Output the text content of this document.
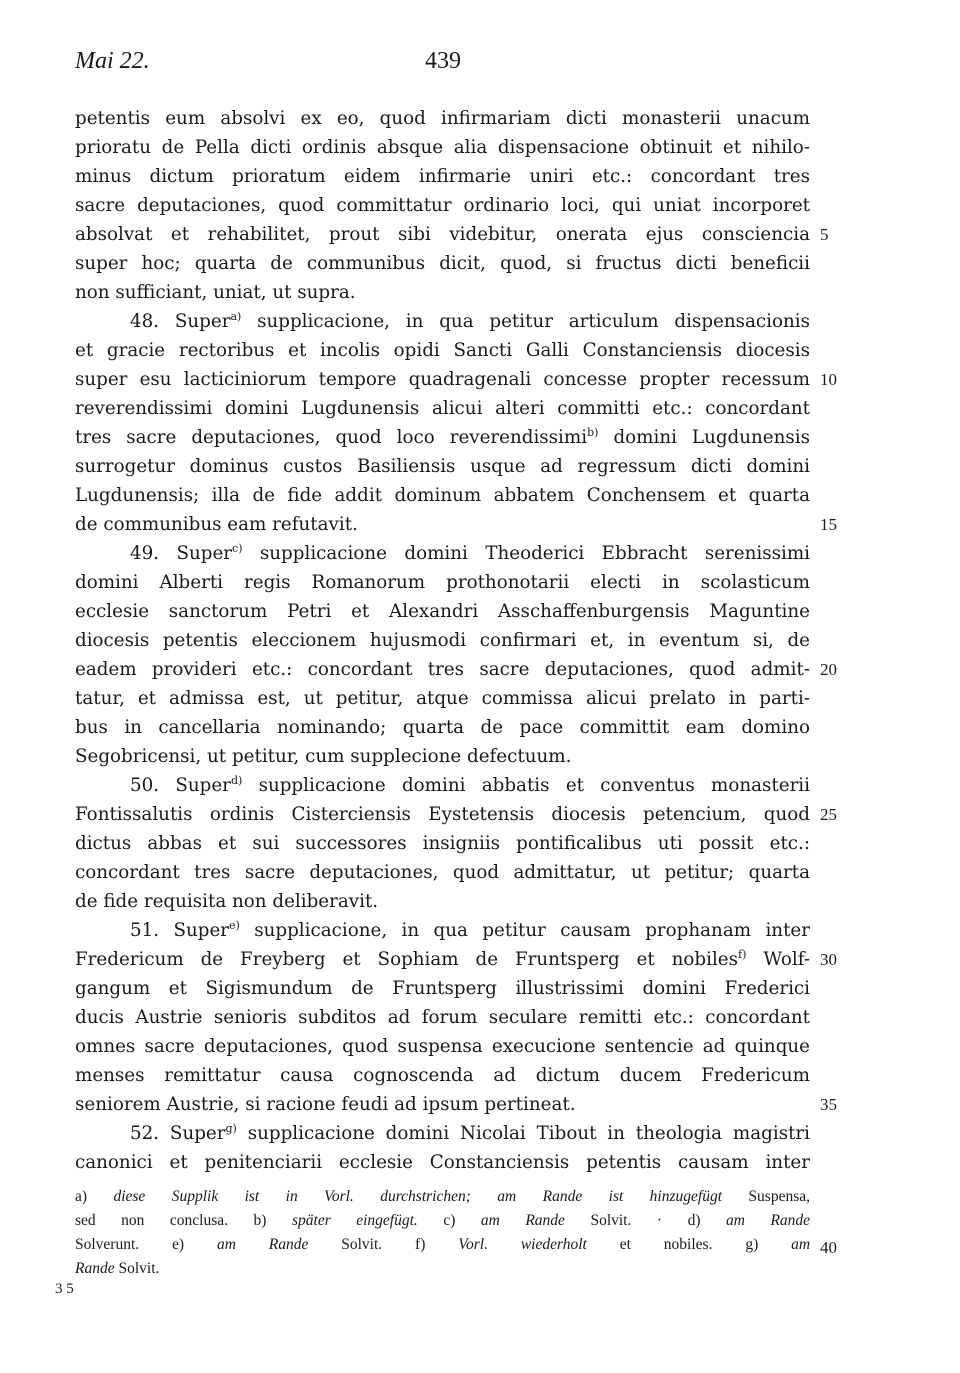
Mai 22.	439
petentis eum absolvi ex eo, quod infirmariam dicti monasterii unacum
prioratu de Pella dicti ordinis absque alia dispensacione obtinuit et nihilo-
minus dictum prioratum eidem infirmarie uniri etc.: concordant tres
sacre deputaciones, quod committatur ordinario loci, qui uniat incorporet
absolvat et rehabilitet, prout sibi videbitur, onerata ejus consciencia
super hoc; quarta de communibus dicit, quod, si fructus dicti beneficii
non sufficiant, uniat, ut supra.
48. Super$^{a)}$ supplicacione, in qua petitur articulum dispensacionis
et gracie rectoribus et incolis opidi Sancti Galli Constanciensis diocesis
super esu lacticiniorum tempore quadragenali concesse propter recessum
reverendissimi domini Lugdunensis alicui alteri committi etc.: concordant
tres sacre deputaciones, quod loco reverendissimi$^{b)}$ domini Lugdunensis
surrogetur dominus custos Basiliensis usque ad regressum dicti domini
Lugdunensis; illa de fide addit dominum abbatem Conchensem et quarta
de communibus eam refutavit.
49. Super$^{c)}$ supplicacione domini Theoderici Ebbracht serenissimi
domini Alberti regis Romanorum prothonotarii electi in scolasticum
ecclesie sanctorum Petri et Alexandri Asschaffenburgensis Maguntine
diocesis petentis eleccionem hujusmodi confirmari et, in eventum si, de
eadem provideri etc.: concordant tres sacre deputaciones, quod admit-
tatur, et admissa est, ut petitur, atque commissa alicui prelato in parti-
bus in cancellaria nominando; quarta de pace committit eam domino
Segobricensi, ut petitur, cum supplecione defectuum.
50. Super$^{d)}$ supplicacione domini abbatis et conventus monasterii
Fontissalutis ordinis Cisterciensis Eystetensis diocesis petencium, quod
dictus abbas et sui successores insigniis pontificalibus uti possit etc.:
concordant tres sacre deputaciones, quod admittatur, ut petitur; quarta
de fide requisita non deliberavit.
51. Super$^{e)}$ supplicacione, in qua petitur causam prophanam inter
Fredericum de Freyberg et Sophiam de Fruntsperg et nobiles$^{f)}$ Wolf-
gangum et Sigismundum de Fruntsperg illustrissimi domini Frederici
ducis Austrie senioris subditos ad forum seculare remitti etc.: concordant
omnes sacre deputaciones, quod suspensa execucione sentencie ad quinque
menses remittatur causa cognoscenda ad dictum ducem Fredericum
seniorem Austrie, si racione feudi ad ipsum pertineat.
52. Super$^{g)}$ supplicacione domini Nicolai Tibout in theologia magistri
canonici et penitenciarii ecclesie Constanciensis petentis causam inter
5
10
15
20
25
30
35
40
a) diese Supplik ist in Vorl. durchstrichen; am Rande ist hinzugefügt Suspensa,
sed non conclusa. b) später eingefügt. c) am Rande Solvit. · d) am Rande
Solverunt. e) am Rande Solvit. f) Vorl. wiederholt et nobiles. g) am
Rande Solvit.
3 5
